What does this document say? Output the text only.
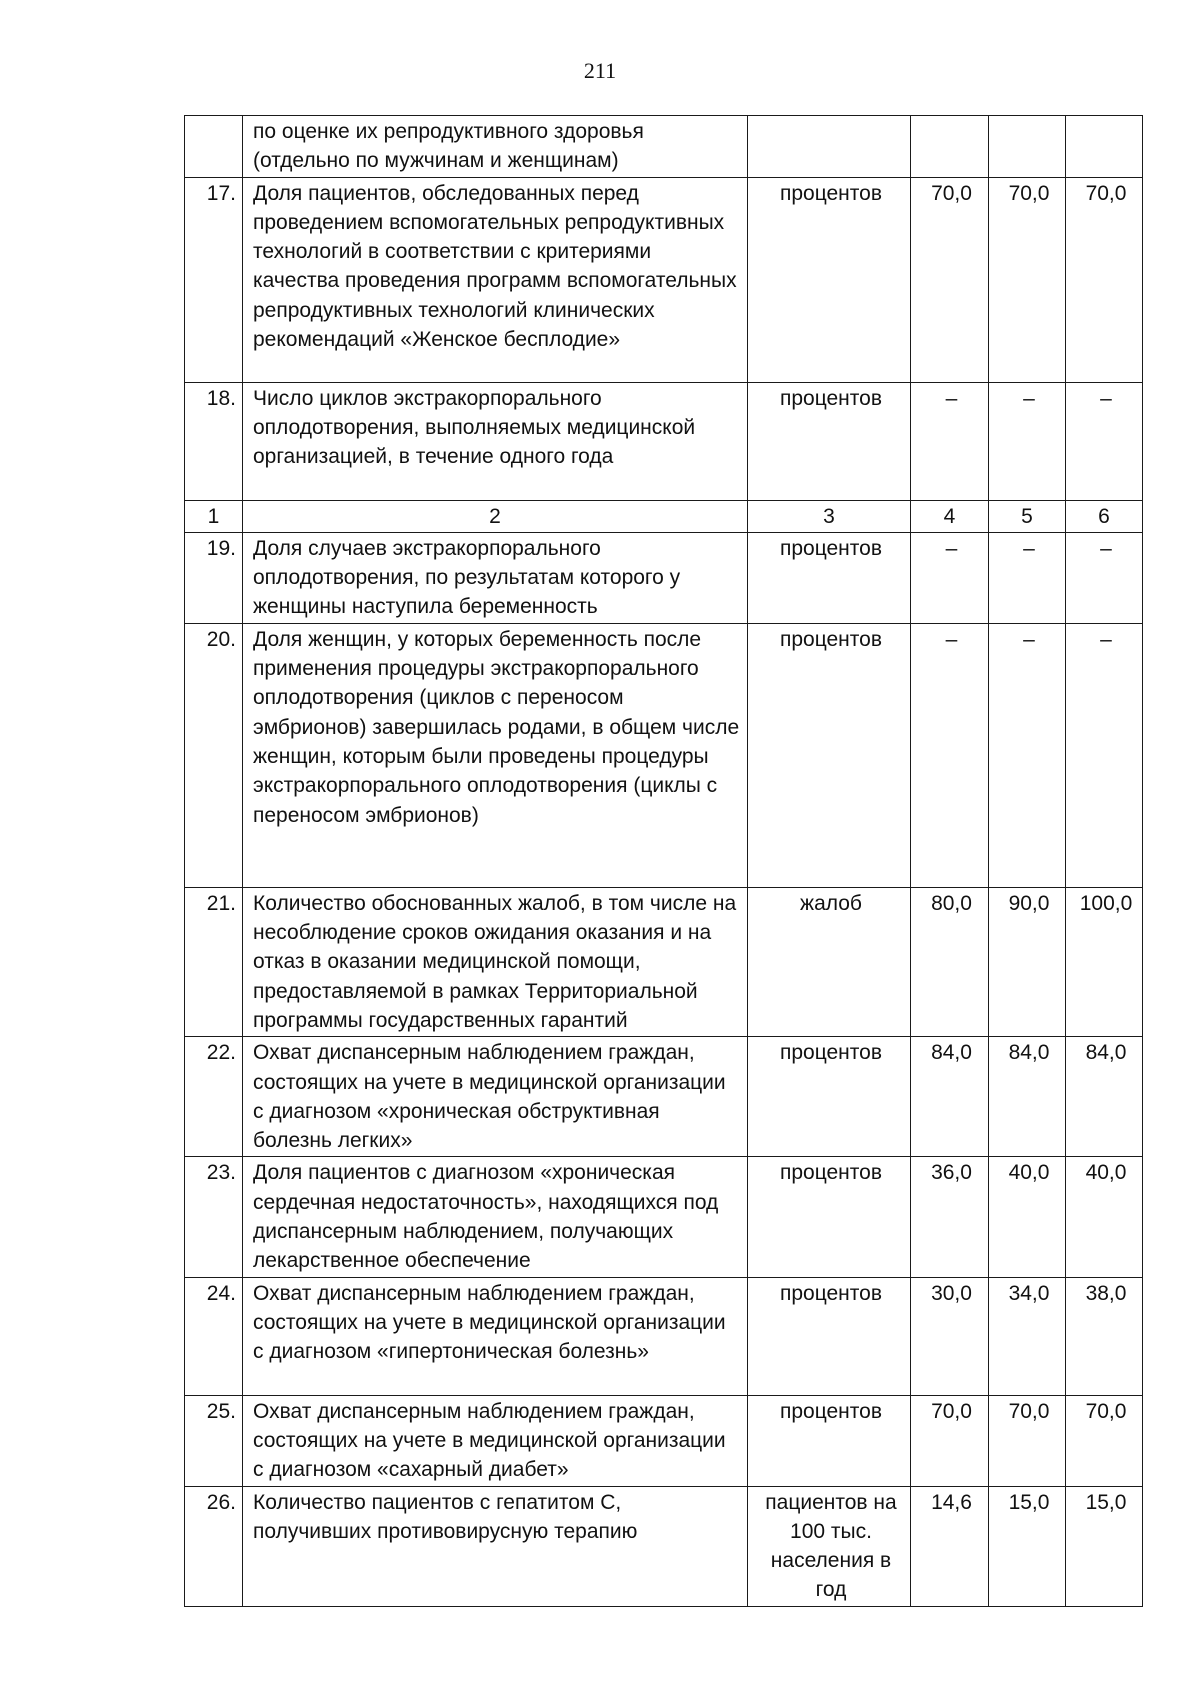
211
	по оценке их репродуктивного здоровья (отдельно по мужчинам и женщинам)				
17.	Доля пациентов, обследованных перед проведением вспомогательных репродуктивных технологий в соответствии с критериями качества проведения программ вспомогательных репродуктивных технологий клинических рекомендаций «Женское бесплодие»	процентов	70,0	70,0	70,0
18.	Число циклов экстракорпорального оплодотворения, выполняемых медицинской организацией, в течение одного года	процентов	–	–	–
1	2	3	4	5	6
19.	Доля случаев экстракорпорального оплодотворения, по результатам которого у женщины наступила беременность	процентов	–	–	–
20.	Доля женщин, у которых беременность после применения процедуры экстракорпорального оплодотворения (циклов с переносом эмбрионов) завершилась родами, в общем числе женщин, которым были проведены процедуры экстракорпорального оплодотворения (циклы с переносом эмбрионов)	процентов	–	–	–
21.	Количество обоснованных жалоб, в том числе на несоблюдение сроков ожидания оказания и на отказ в оказании медицинской помощи, предоставляемой в рамках Территориальной программы государственных гарантий	жалоб	80,0	90,0	100,0
22.	Охват диспансерным наблюдением граждан, состоящих на учете в медицинской организации с диагнозом «хроническая обструктивная болезнь легких»	процентов	84,0	84,0	84,0
23.	Доля пациентов с диагнозом «хроническая сердечная недостаточность», находящихся под диспансерным наблюдением, получающих лекарственное обеспечение	процентов	36,0	40,0	40,0
24.	Охват диспансерным наблюдением граждан, состоящих на учете в медицинской организации с диагнозом «гипертоническая болезнь»	процентов	30,0	34,0	38,0
25.	Охват диспансерным наблюдением граждан, состоящих на учете в медицинской организации с диагнозом «сахарный диабет»	процентов	70,0	70,0	70,0
26.	Количество пациентов с гепатитом С, получивших противовирусную терапию	пациентов на 100 тыс. населения в год	14,6	15,0	15,0
